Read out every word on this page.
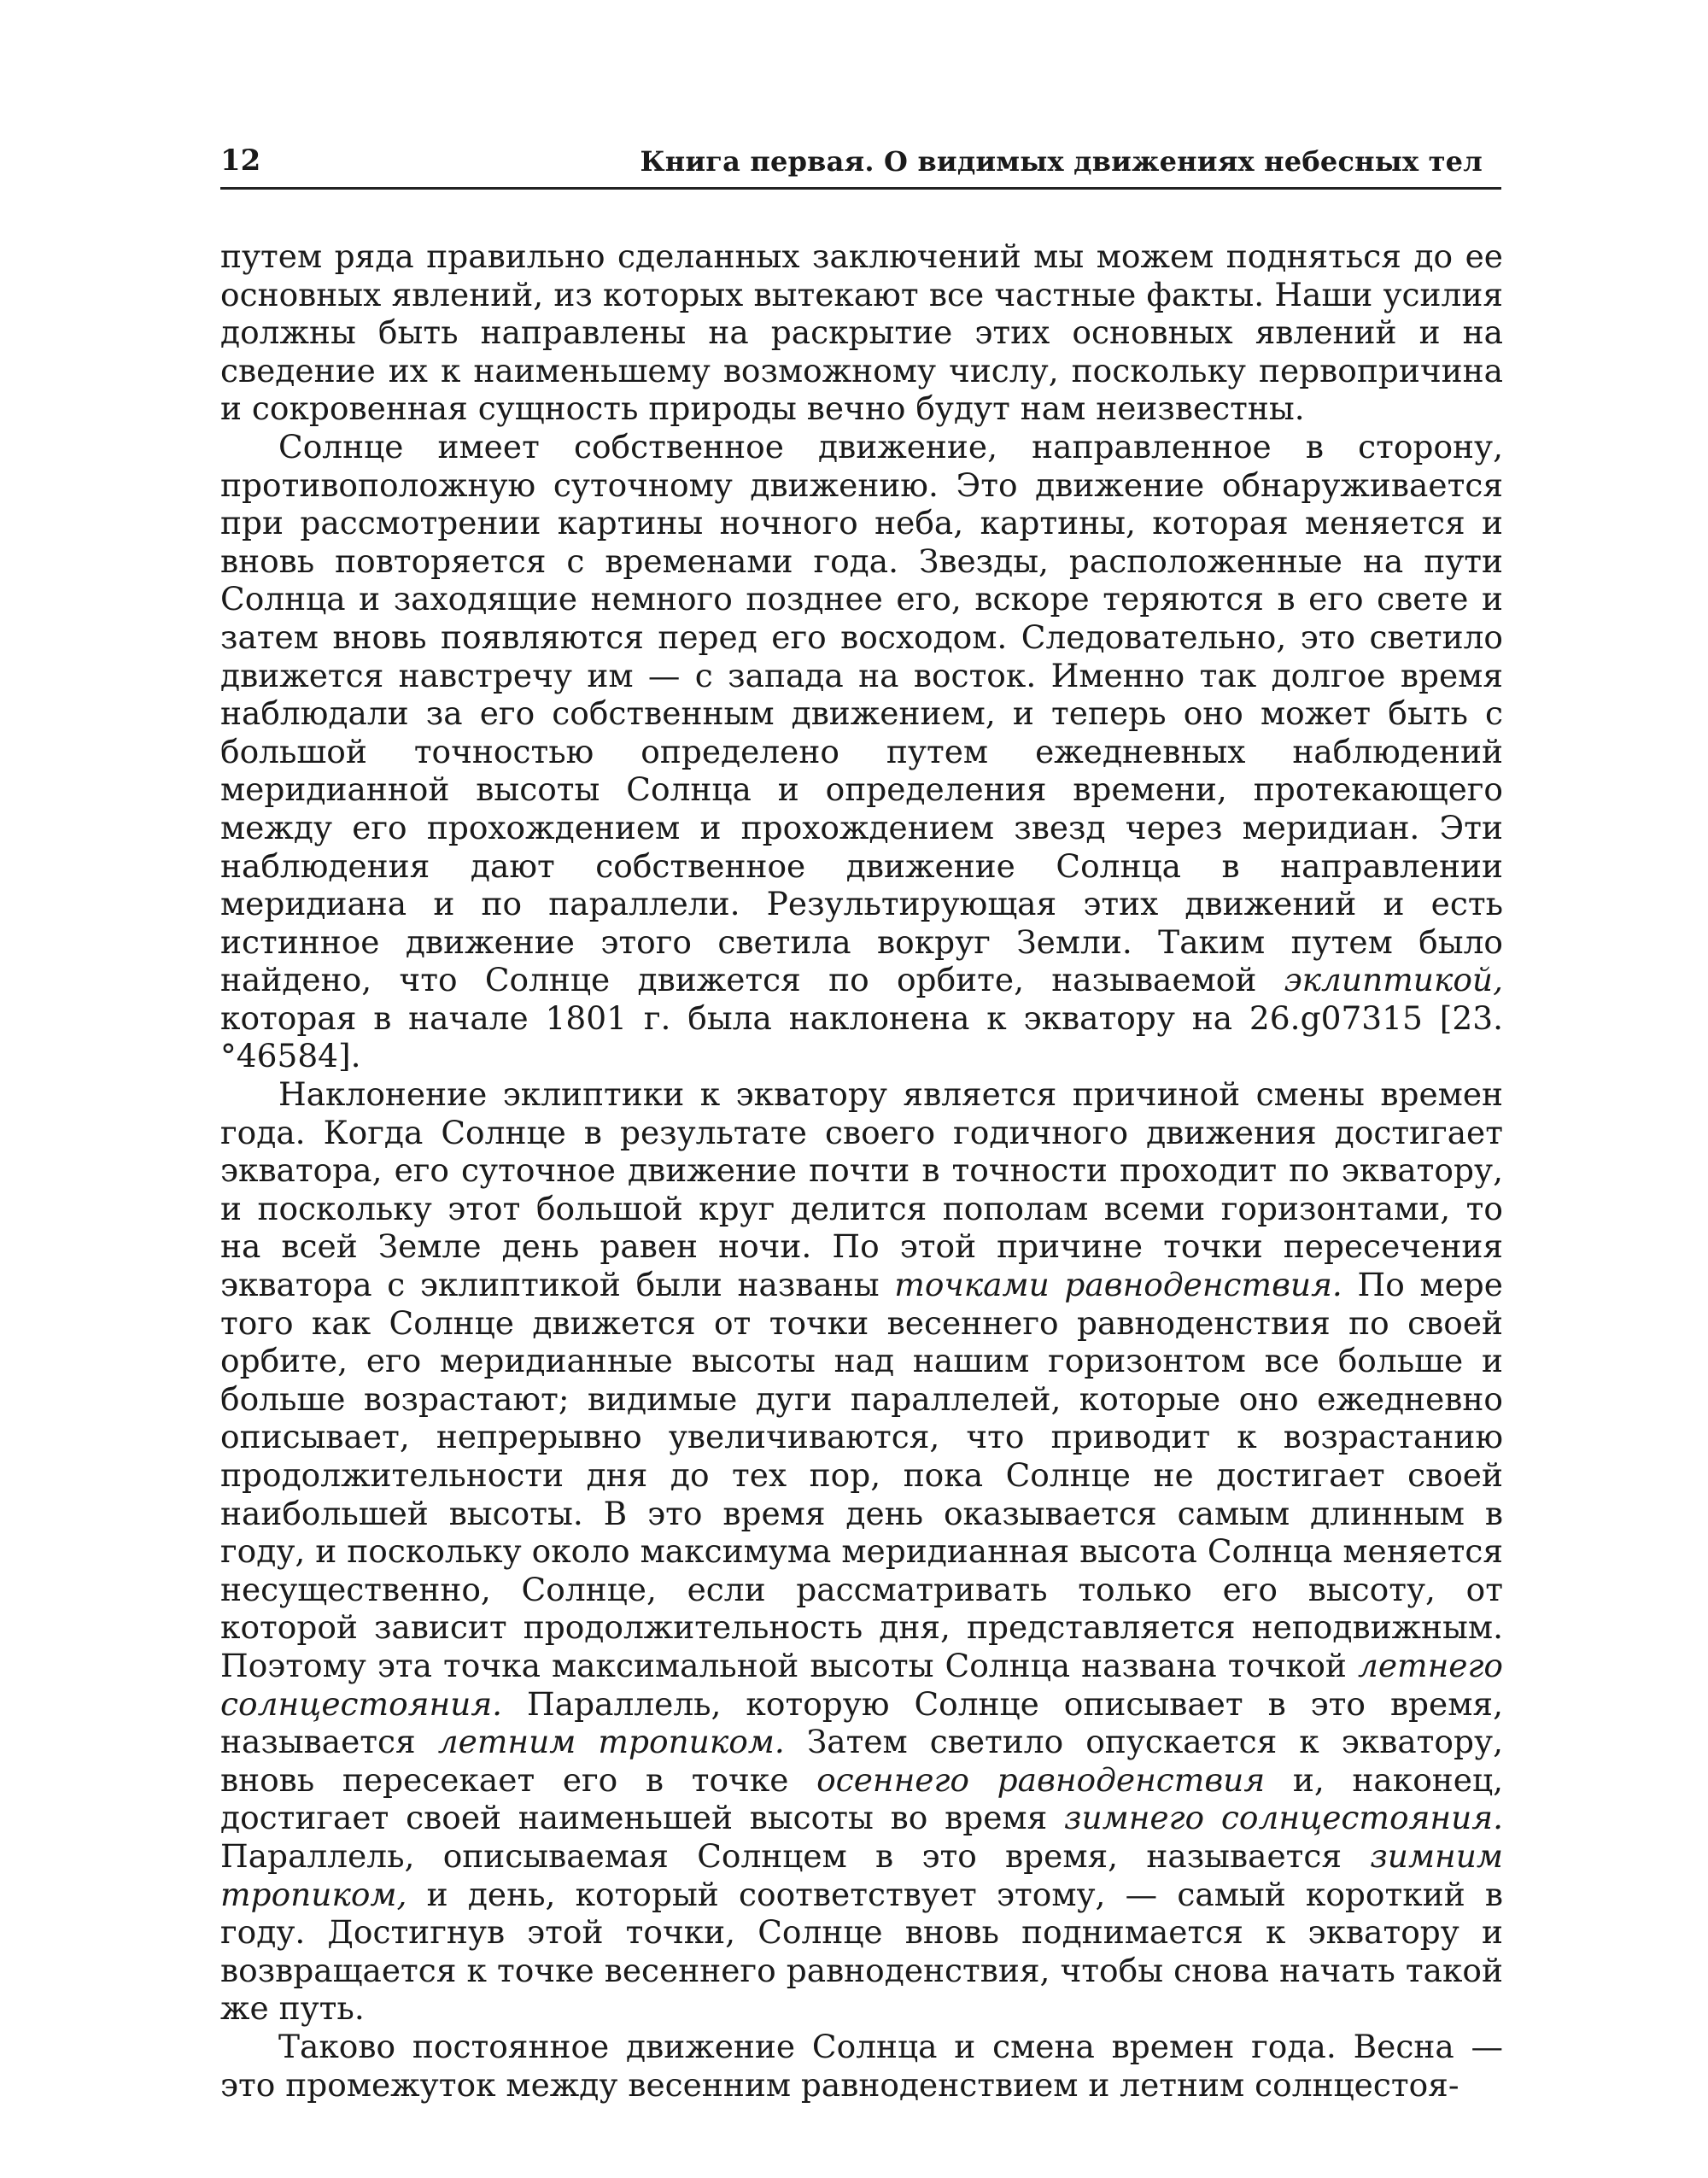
12	Книга первая. О видимых движениях небесных тел

путем ряда правильно сделанных заключений мы можем подняться до ее основных явлений, из которых вытекают все частные факты. Наши усилия должны быть направлены на раскрытие этих основных явлений и на сведение их к наименьшему возможному числу, поскольку первопричина и сокровенная сущность природы вечно будут нам неизвестны.

Солнце имеет собственное движение, направленное в сторону, противоположную суточному движению. Это движение обнаруживается при рассмотрении картины ночного неба, картины, которая меняется и вновь повторяется с временами года. Звезды, расположенные на пути Солнца и заходящие немного позднее его, вскоре теряются в его свете и затем вновь появляются перед его восходом. Следовательно, это светило движется навстречу им — с запада на восток. Именно так долгое время наблюдали за его собственным движением, и теперь оно может быть с большой точностью определено путем ежедневных наблюдений меридианной высоты Солнца и определения времени, протекающего между его прохождением и прохождением звезд через меридиан. Эти наблюдения дают собственное движение Солнца в направлении меридиана и по параллели. Результирующая этих движений и есть истинное движение этого светила вокруг Земли. Таким путем было найдено, что Солнце движется по орбите, называемой эклиптикой, которая в начале 1801 г. была наклонена к экватору на 26.g07315 [23.°46584].

Наклонение эклиптики к экватору является причиной смены времен года. Когда Солнце в результате своего годичного движения достигает экватора, его суточное движение почти в точности проходит по экватору, и поскольку этот большой круг делится пополам всеми горизонтами, то на всей Земле день равен ночи. По этой причине точки пересечения экватора с эклиптикой были названы точками равноденствия. По мере того как Солнце движется от точки весеннего равноденствия по своей орбите, его меридианные высоты над нашим горизонтом все больше и больше возрастают; видимые дуги параллелей, которые оно ежедневно описывает, непрерывно увеличиваются, что приводит к возрастанию продолжительности дня до тех пор, пока Солнце не достигает своей наибольшей высоты. В это время день оказывается самым длинным в году, и поскольку около максимума меридианная высота Солнца меняется несущественно, Солнце, если рассматривать только его высоту, от которой зависит продолжительность дня, представляется неподвижным. Поэтому эта точка максимальной высоты Солнца названа точкой летнего солнцестояния. Параллель, которую Солнце описывает в это время, называется летним тропиком. Затем светило опускается к экватору, вновь пересекает его в точке осеннего равноденствия и, наконец, достигает своей наименьшей высоты во время зимнего солнцестояния. Параллель, описываемая Солнцем в это время, называется зимним тропиком, и день, который соответствует этому, — самый короткий в году. Достигнув этой точки, Солнце вновь поднимается к экватору и возвращается к точке весеннего равноденствия, чтобы снова начать такой же путь.

Таково постоянное движение Солнца и смена времен года. Весна — это промежуток между весенним равноденствием и летним солнцестоя-
